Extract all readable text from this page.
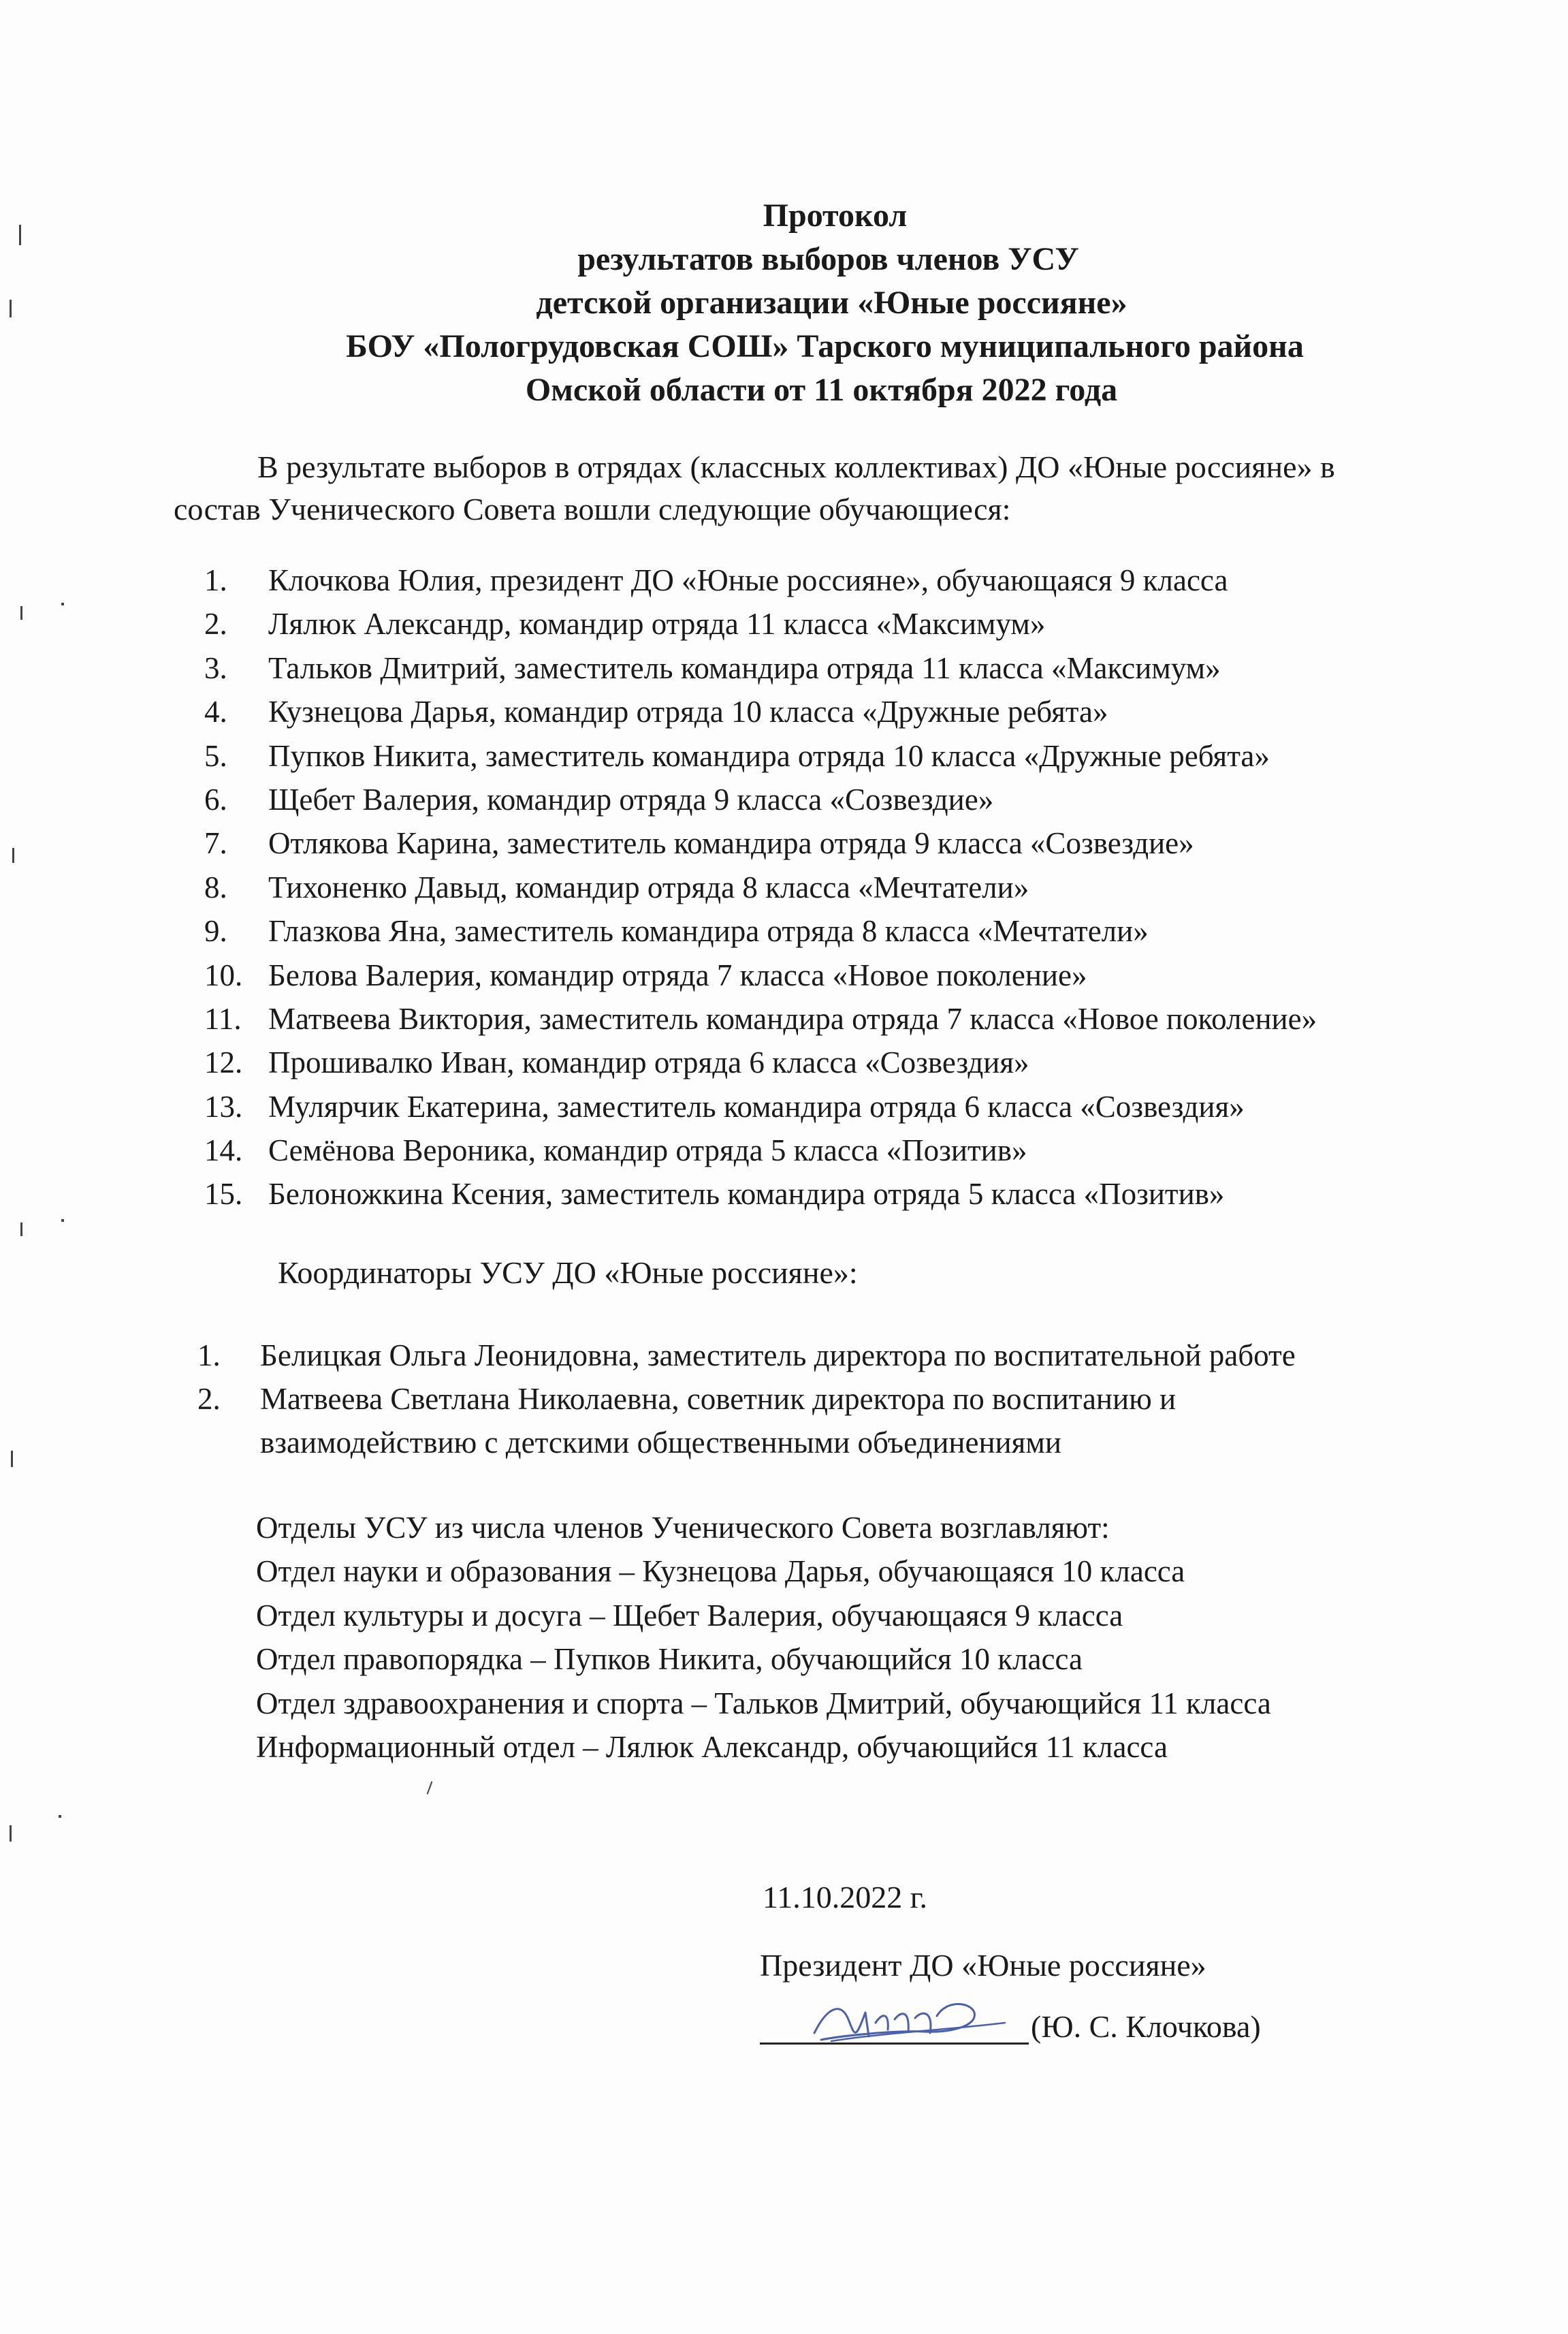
Протокол
результатов выборов членов УСУ
детской организации «Юные россияне»
БОУ «Пологрудовская СОШ» Тарского муниципального района
Омской области от 11 октября 2022 года
В результате выборов в отрядах (классных коллективах) ДО «Юные россияне» в
состав Ученического Совета вошли следующие обучающиеся:
1.	Клочкова Юлия, президент ДО «Юные россияне», обучающаяся 9 класса
2.	Лялюк Александр, командир отряда 11 класса «Максимум»
3.	Тальков Дмитрий, заместитель командира отряда 11 класса «Максимум»
4.	Кузнецова Дарья, командир отряда 10 класса «Дружные ребята»
5.	Пупков Никита, заместитель командира отряда 10 класса «Дружные ребята»
6.	Щебет Валерия, командир отряда 9 класса «Созвездие»
7.	Отлякова Карина, заместитель командира отряда 9 класса «Созвездие»
8.	Тихоненко Давыд, командир отряда 8 класса «Мечтатели»
9.	Глазкова Яна, заместитель командира отряда 8 класса «Мечтатели»
10. Белова Валерия, командир отряда 7 класса «Новое поколение»
11. Матвеева Виктория, заместитель командира отряда 7 класса «Новое поколение»
12. Прошивалко Иван, командир отряда 6 класса «Созвездия»
13. Мулярчик Екатерина, заместитель командира отряда 6 класса «Созвездия»
14. Семёнова Вероника, командир отряда 5 класса «Позитив»
15. Белоножкина Ксения, заместитель командира отряда 5 класса «Позитив»
Координаторы УСУ ДО «Юные россияне»:
1.	Белицкая Ольга Леонидовна, заместитель директора по воспитательной работе
2.	Матвеева Светлана Николаевна, советник директора по воспитанию и
взаимодействию с детскими общественными объединениями
Отделы УСУ из числа членов Ученического Совета возглавляют:
Отдел науки и образования – Кузнецова Дарья, обучающаяся 10 класса
Отдел культуры и досуга – Щебет Валерия, обучающаяся 9 класса
Отдел правопорядка – Пупков Никита, обучающийся 10 класса
Отдел здравоохранения и спорта – Тальков Дмитрий, обучающийся 11 класса
Информационный отдел – Лялюк Александр, обучающийся 11 класса
11.10.2022 г.
Президент ДО «Юные россияне»
(Ю. С. Клочкова)
